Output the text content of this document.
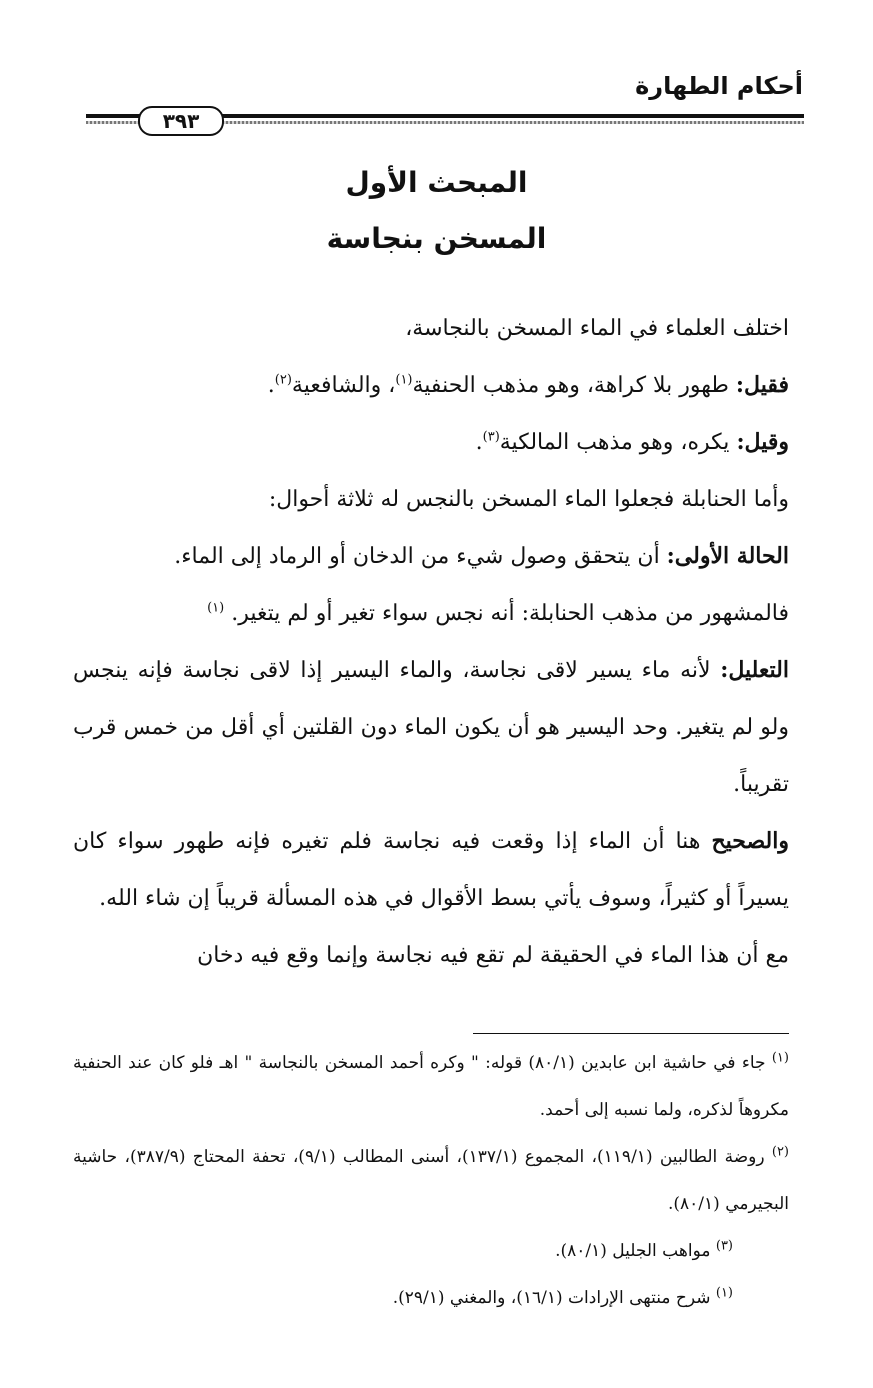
أحكام الطهارة
٣٩٣
المبحث الأول
المسخن بنجاسة

اختلف العلماء في الماء المسخن بالنجاسة،

فقيل: طهور بلا كراهة، وهو مذهب الحنفية$^{(١)}$، والشافعية$^{(٢)}$.

وقيل: يكره، وهو مذهب المالكية$^{(٣)}$.

وأما الحنابلة فجعلوا الماء المسخن بالنجس له ثلاثة أحوال:

الحالة الأولى: أن يتحقق وصول شيء من الدخان أو الرماد إلى الماء.

فالمشهور من مذهب الحنابلة: أنه نجس سواء تغير أو لم يتغير. $^{(١)}$

التعليل: لأنه ماء يسير لاقى نجاسة، والماء اليسير إذا لاقى نجاسة فإنه ينجس ولو لم يتغير. وحد اليسير هو أن يكون الماء دون القلتين أي أقل من خمس قرب تقريباً.

والصحيح هنا أن الماء إذا وقعت فيه نجاسة فلم تغيره فإنه طهور سواء كان يسيراً أو كثيراً، وسوف يأتي بسط الأقوال في هذه المسألة قريباً إن شاء الله.

مع أن هذا الماء في الحقيقة لم تقع فيه نجاسة وإنما وقع فيه دخان

$^{(١)}$ جاء في حاشية ابن عابدين (٨٠/١) قوله: " وكره أحمد المسخن بالنجاسة " اهـ فلو كان عند الحنفية مكروهاً لذكره، ولما نسبه إلى أحمد.

$^{(٢)}$ روضة الطالبين (١١٩/١)، المجموع (١٣٧/١)، أسنى المطالب (٩/١)، تحفة المحتاج (٣٨٧/٩)، حاشية البجيرمي (٨٠/١).

$^{(٣)}$ مواهب الجليل (٨٠/١).

$^{(١)}$ شرح منتهى الإرادات (١٦/١)، والمغني (٢٩/١).
